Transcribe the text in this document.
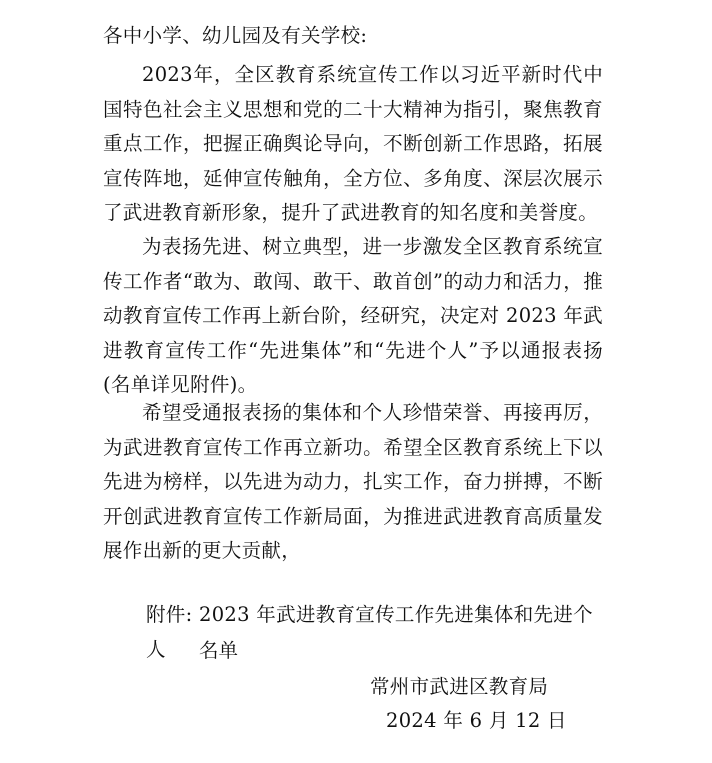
各中小学、幼儿园及有关学校:

2023年，全区教育系统宣传工作以习近平新时代中国特色社会主义思想和党的二十大精神为指引，聚焦教育重点工作，把握正确舆论导向，不断创新工作思路，拓展宣传阵地，延伸宣传触角，全方位、多角度、深层次展示了武进教育新形象，提升了武进教育的知名度和美誉度。

为表扬先进、树立典型，进一步激发全区教育系统宣传工作者“敢为、敢闯、敢干、敢首创”的动力和活力，推动教育宣传工作再上新台阶，经研究，决定对 2023 年武进教育宣传工作“先进集体”和“先进个人”予以通报表扬(名单详见附件)。

希望受通报表扬的集体和个人珍惜荣誉、再接再厉，为武进教育宣传工作再立新功。希望全区教育系统上下以先进为榜样，以先进为动力，扎实工作，奋力拼搏，不断开创武进教育宣传工作新局面，为推进武进教育高质量发展作出新的更大贡献，

附件: 2023 年武进教育宣传工作先进集体和先进个人	名单
常州市武进区教育局
2024 年 6 月 12 日
